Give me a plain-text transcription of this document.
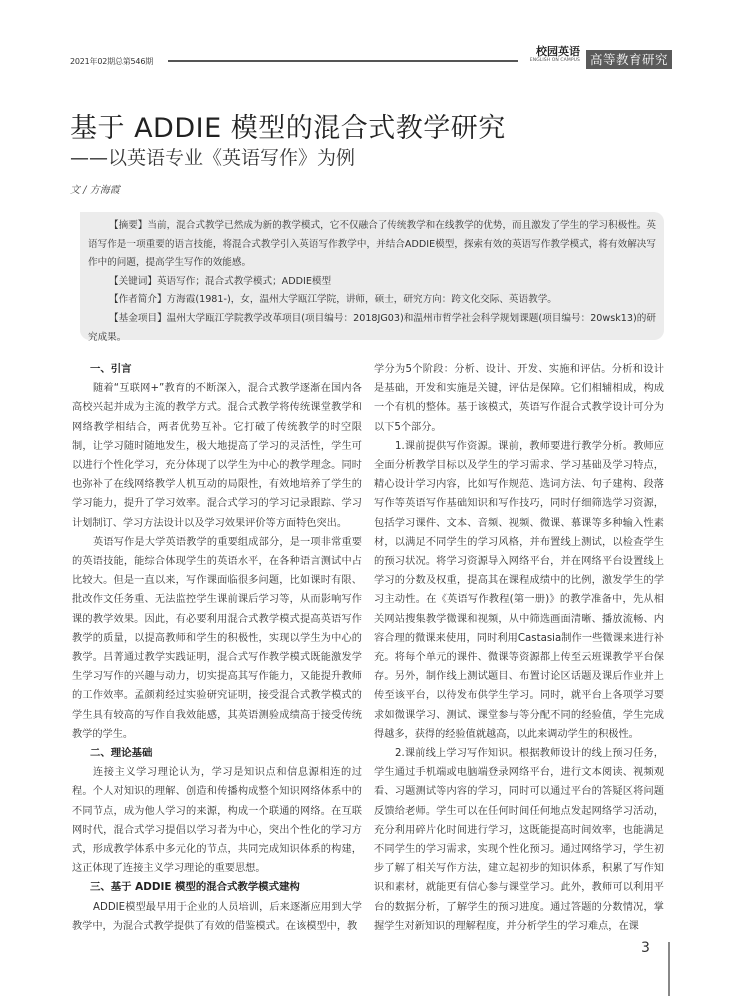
2021年02期总第546期
校园英语
ENGLISH ON CAMPUS 高等教育研究
基于 ADDIE 模型的混合式教学研究
——以英语专业《英语写作》为例
文 / 方海霞

【摘要】当前，混合式教学已然成为新的教学模式，它不仅融合了传统教学和在线教学的优势，而且激发了学生的学习积极性。英语写作是一项重要的语言技能，将混合式教学引入英语写作教学中，并结合ADDIE模型，探索有效的英语写作教学模式，将有效解决写作中的问题，提高学生写作的效能感。

【关键词】英语写作；混合式教学模式；ADDIE模型

【作者简介】方海霞(1981-)，女，温州大学瓯江学院，讲师，硕士，研究方向：跨文化交际、英语教学。

【基金项目】温州大学瓯江学院教学改革项目(项目编号：2018JG03)和温州市哲学社会科学规划课题(项目编号：20wsk13)的研究成果。

一、引言

随着“互联网+”教育的不断深入，混合式教学逐渐在国内各高校兴起并成为主流的教学方式。混合式教学将传统课堂教学和网络教学相结合，两者优势互补。它打破了传统教学的时空限制，让学习随时随地发生，极大地提高了学习的灵活性，学生可以进行个性化学习，充分体现了以学生为中心的教学理念。同时也弥补了在线网络教学人机互动的局限性，有效地培养了学生的学习能力，提升了学习效率。混合式学习的学习记录跟踪、学习计划制订、学习方法设计以及学习效果评价等方面特色突出。

英语写作是大学英语教学的重要组成部分，是一项非常重要的英语技能，能综合体现学生的英语水平，在各种语言测试中占比较大。但是一直以来，写作课面临很多问题，比如课时有限、批改作文任务重、无法监控学生课前课后学习等，从而影响写作课的教学效果。因此，有必要利用混合式教学模式提高英语写作教学的质量，以提高教师和学生的积极性，实现以学生为中心的教学。吕菁通过教学实践证明，混合式写作教学模式既能激发学生学习写作的兴趣与动力，切实提高其写作能力，又能提升教师的工作效率。孟颜莉经过实验研究证明，接受混合式教学模式的学生具有较高的写作自我效能感，其英语测验成绩高于接受传统教学的学生。

二、理论基础

连接主义学习理论认为，学习是知识点和信息源相连的过程。个人对知识的理解、创造和传播构成整个知识网络体系中的不同节点，成为他人学习的来源，构成一个联通的网络。在互联网时代，混合式学习提倡以学习者为中心，突出个性化的学习方式，形成教学体系中多元化的节点，共同完成知识体系的构建，这正体现了连接主义学习理论的重要思想。

三、基于 ADDIE 模型的混合式教学模式建构

ADDIE模型最早用于企业的人员培训，后来逐渐应用到大学教学中，为混合式教学提供了有效的借鉴模式。在该模型中，教

学分为5个阶段：分析、设计、开发、实施和评估。分析和设计是基础，开发和实施是关键，评估是保障。它们相辅相成，构成一个有机的整体。基于该模式，英语写作混合式教学设计可分为以下5个部分。

1.课前提供写作资源。课前，教师要进行教学分析。教师应全面分析教学目标以及学生的学习需求、学习基础及学习特点，精心设计学习内容，比如写作规范、选词方法、句子建构、段落写作等英语写作基础知识和写作技巧，同时仔细筛选学习资源，包括学习课件、文本、音频、视频、微课、慕课等多种输入性素材，以满足不同学生的学习风格，并布置线上测试，以检查学生的预习状况。将学习资源导入网络平台，并在网络平台设置线上学习的分数及权重，提高其在课程成绩中的比例，激发学生的学习主动性。在《英语写作教程(第一册)》的教学准备中，先从相关网站搜集教学微课和视频，从中筛选画面清晰、播放流畅、内容合理的微课来使用，同时利用Castasia制作一些微课来进行补充。将每个单元的课件、微课等资源都上传至云班课教学平台保存。另外，制作线上测试题目、布置讨论区话题及课后作业并上传至该平台，以待发布供学生学习。同时，就平台上各项学习要求如微课学习、测试、课堂参与等分配不同的经验值，学生完成得越多，获得的经验值就越高，以此来调动学生的积极性。

2.课前线上学习写作知识。根据教师设计的线上预习任务，学生通过手机端或电脑端登录网络平台，进行文本阅读、视频观看、习题测试等内容的学习，同时可以通过平台的答疑区将问题反馈给老师。学生可以在任何时间任何地点发起网络学习活动，充分利用碎片化时间进行学习，这既能提高时间效率，也能满足不同学生的学习需求，实现个性化预习。通过网络学习，学生初步了解了相关写作方法，建立起初步的知识体系，积累了写作知识和素材，就能更有信心参与课堂学习。此外，教师可以利用平台的数据分析，了解学生的预习进度。通过答题的分数情况，掌握学生对新知识的理解程度，并分析学生的学习难点，在课

3
